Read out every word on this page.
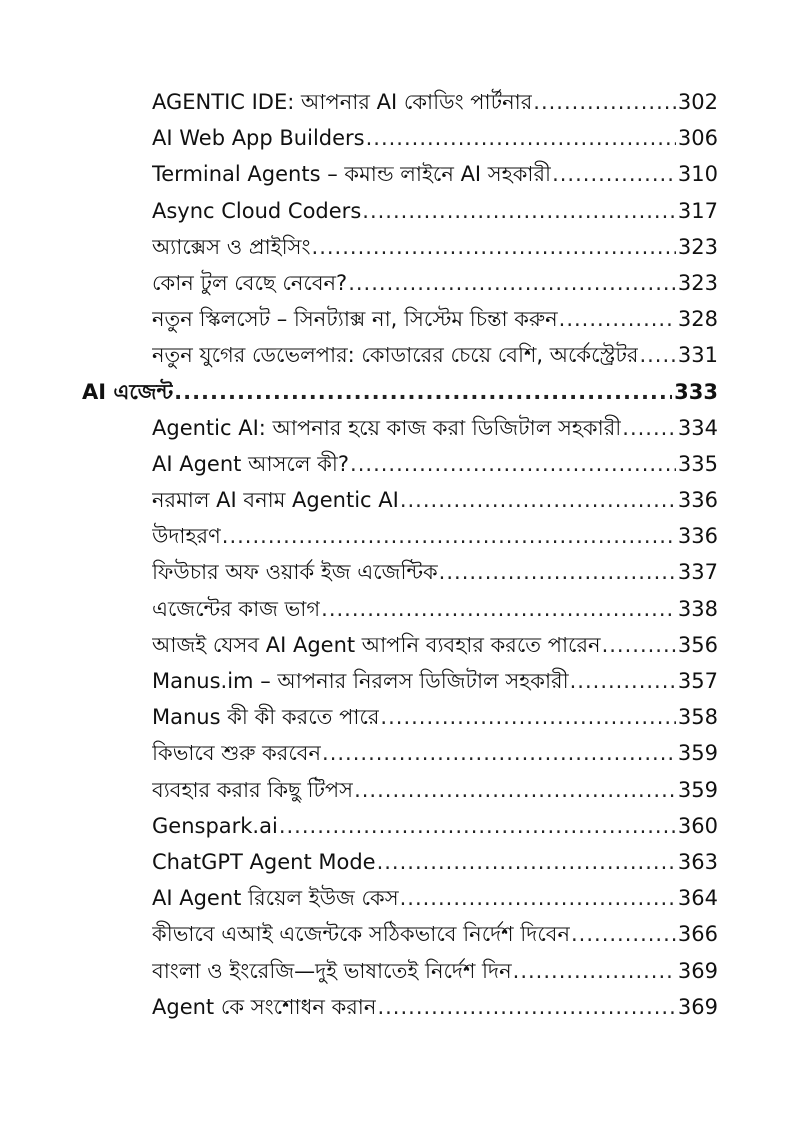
AGENTIC IDE: আপনার AI কোডিং পার্টনার .....	302
AI Web App Builders .....	306
Terminal Agents – কমান্ড লাইনে AI সহকারী .....	310
Async Cloud Coders .....	317
অ্যাক্সেস ও প্রাইসিং .....	323
কোন টুল বেছে নেবেন? .....	323
নতুন স্কিলসেট – সিনট্যাক্স না, সিস্টেম চিন্তা করুন .....	328
নতুন যুগের ডেভেলপার: কোডারের চেয়ে বেশি, অর্কেস্ট্রেটর ..... 331
AI এজেন্ট .....	333
Agentic AI: আপনার হয়ে কাজ করা ডিজিটাল সহকারী .....	334
AI Agent আসলে কী? .....	335
নরমাল AI বনাম Agentic AI .....	336
উদাহরণ .....	336
ফিউচার অফ ওয়ার্ক ইজ এজেন্টিক .....	337
এজেন্টের কাজ ভাগ .....	338
আজই যেসব AI Agent আপনি ব্যবহার করতে পারেন .....	356
Manus.im – আপনার নিরলস ডিজিটাল সহকারী .....	357
Manus কী কী করতে পারে .....	358
কিভাবে শুরু করবেন .....	359
ব্যবহার করার কিছু টিপস .....	359
Genspark.ai .....	360
ChatGPT Agent Mode .....	363
AI Agent রিয়েল ইউজ কেস .....	364
কীভাবে এআই এজেন্টকে সঠিকভাবে নির্দেশ দিবেন .....	366
বাংলা ও ইংরেজি—দুই ভাষাতেই নির্দেশ দিন .....	369
Agent কে সংশোধন করান .....	369
